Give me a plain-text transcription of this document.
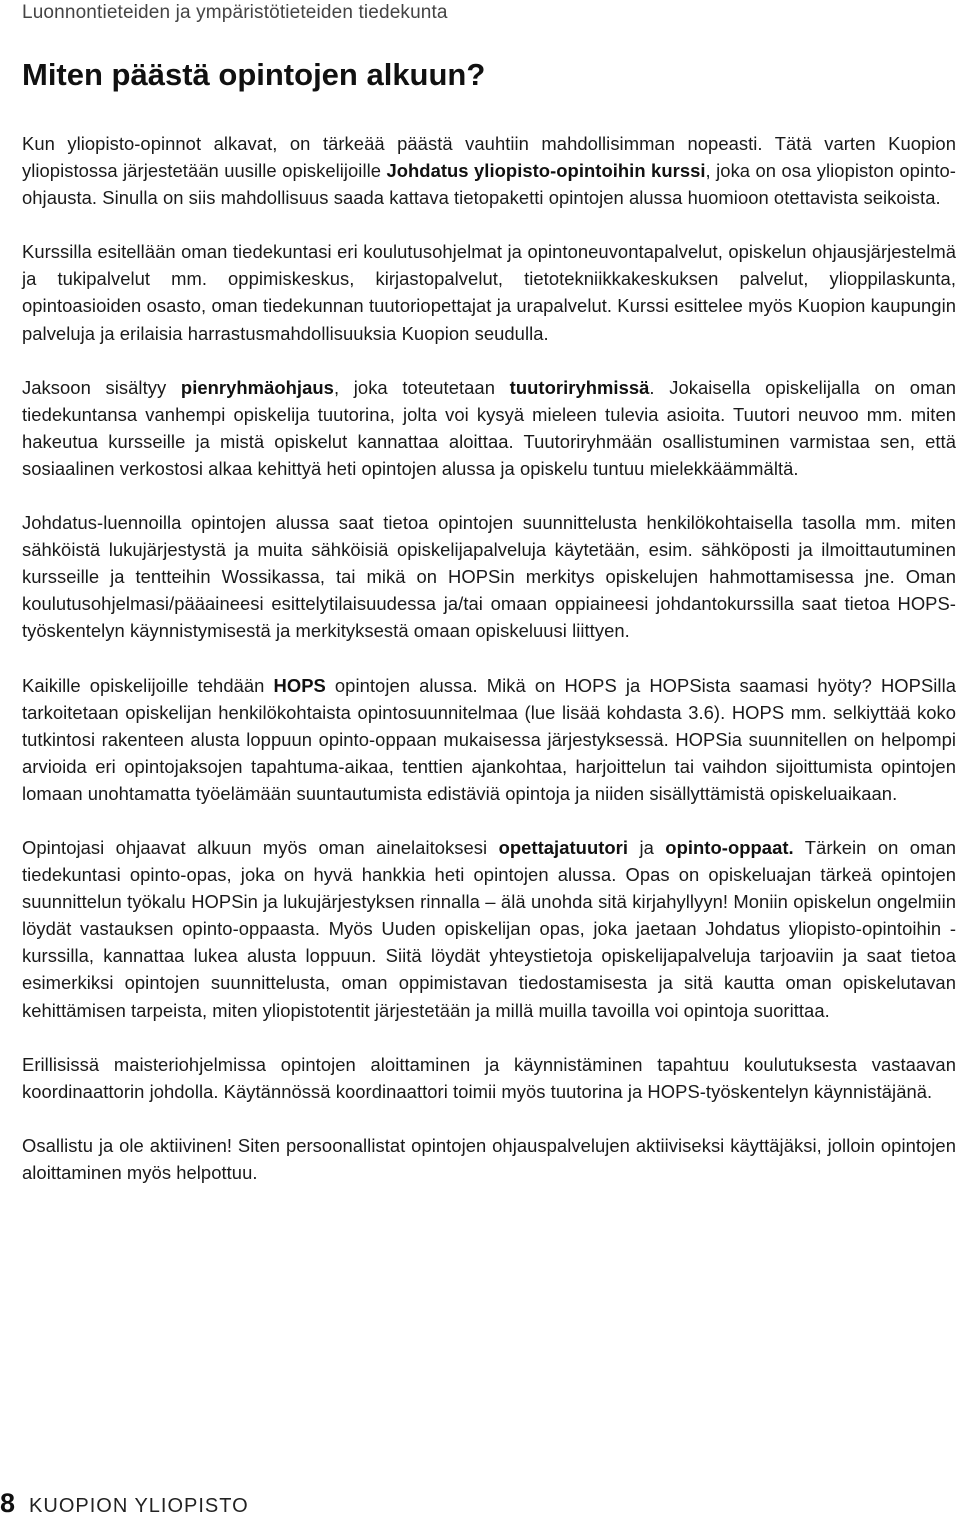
Luonnontieteiden ja ympäristötieteiden tiedekunta
Miten päästä opintojen alkuun?

Kun yliopisto-opinnot alkavat, on tärkeää päästä vauhtiin mahdollisimman nopeasti. Tätä varten Kuopion yliopistossa järjestetään uusille opiskelijoille Johdatus yliopisto-opintoihin kurssi, joka on osa yliopiston opinto-ohjausta. Sinulla on siis mahdollisuus saada kattava tietopaketti opintojen alussa huomioon otettavista seikoista.

Kurssilla esitellään oman tiedekuntasi eri koulutusohjelmat ja opintoneuvontapalvelut, opiskelun ohjausjärjestelmä ja tukipalvelut mm. oppimiskeskus, kirjastopalvelut, tietotekniikkakeskuksen palvelut, ylioppilaskunta, opintoasioiden osasto, oman tiedekunnan tuutoriopettajat ja urapalvelut. Kurssi esittelee myös Kuopion kaupungin palveluja ja erilaisia harrastusmahdollisuuksia Kuopion seudulla.

Jaksoon sisältyy pienryhmäohjaus, joka toteutetaan tuutoriryhmissä. Jokaisella opiskelijalla on oman tiedekuntansa vanhempi opiskelija tuutorina, jolta voi kysyä mieleen tulevia asioita. Tuutori neuvoo mm. miten hakeutua kursseille ja mistä opiskelut kannattaa aloittaa. Tuutoriryhmään osallistuminen varmistaa sen, että sosiaalinen verkostosi alkaa kehittyä heti opintojen alussa ja opiskelu tuntuu mielekkäämmältä.

Johdatus-luennoilla opintojen alussa saat tietoa opintojen suunnittelusta henkilökohtaisella tasolla mm. miten sähköistä lukujärjestystä ja muita sähköisiä opiskelijapalveluja käytetään, esim. sähköposti ja ilmoittautuminen kursseille ja tentteihin Wossikassa, tai mikä on HOPSin merkitys opiskelujen hahmottamisessa jne. Oman koulutusohjelmasi/pääaineesi esittelytilaisuudessa ja/tai omaan oppiaineesi johdantokurssilla saat tietoa HOPS-työskentelyn käynnistymisestä ja merkityksestä omaan opiskeluusi liittyen.

Kaikille opiskelijoille tehdään HOPS opintojen alussa. Mikä on HOPS ja HOPSista saamasi hyöty? HOPSilla tarkoitetaan opiskelijan henkilökohtaista opintosuunnitelmaa (lue lisää kohdasta 3.6). HOPS mm. selkiyttää koko tutkintosi rakenteen alusta loppuun opinto-oppaan mukaisessa järjestyksessä. HOPSia suunnitellen on helpompi arvioida eri opintojaksojen tapahtuma-aikaa, tenttien ajankohtaa, harjoittelun tai vaihdon sijoittumista opintojen lomaan unohtamatta työelämään suuntautumista edistäviä opintoja ja niiden sisällyttämistä opiskeluaikaan.

Opintojasi ohjaavat alkuun myös oman ainelaitoksesi opettajatuutori ja opinto-oppaat. Tärkein on oman tiedekuntasi opinto-opas, joka on hyvä hankkia heti opintojen alussa. Opas on opiskeluajan tärkeä opintojen suunnittelun työkalu HOPSin ja lukujärjestyksen rinnalla – älä unohda sitä kirjahyllyyn! Moniin opiskelun ongelmiin löydät vastauksen opinto-oppaasta. Myös Uuden opiskelijan opas, joka jaetaan Johdatus yliopisto-opintoihin -kurssilla, kannattaa lukea alusta loppuun. Siitä löydät yhteystietoja opiskelijapalveluja tarjoaviin ja saat tietoa esimerkiksi opintojen suunnittelusta, oman oppimistavan tiedostamisesta ja sitä kautta oman opiskelutavan kehittämisen tarpeista, miten yliopistotentit järjestetään ja millä muilla tavoilla voi opintoja suorittaa.

Erillisissä maisteriohjelmissa opintojen aloittaminen ja käynnistäminen tapahtuu koulutuksesta vastaavan koordinaattorin johdolla. Käytännössä koordinaattori toimii myös tuutorina ja HOPS-työskentelyn käynnistäjänä.

Osallistu ja ole aktiivinen! Siten persoonallistat opintojen ohjauspalvelujen aktiiviseksi käyttäjäksi, jolloin opintojen aloittaminen myös helpottuu.

8 KUOPION YLIOPISTO
